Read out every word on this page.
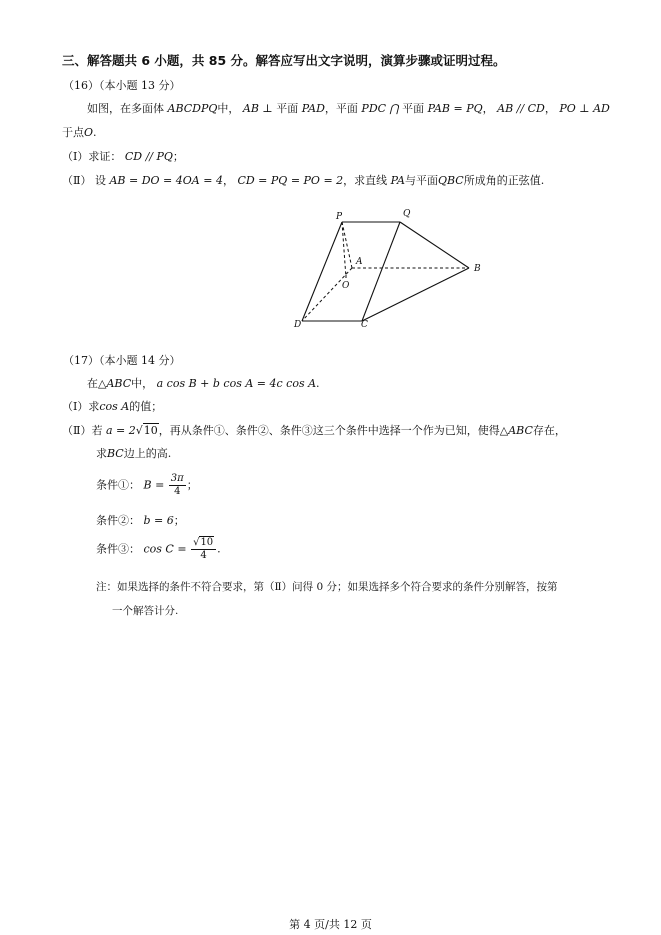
三、解答题共 6 小题，共 85 分。解答应写出文字说明，演算步骤或证明过程。
（16）（本小题 13 分）
如图，在多面体 ABCDPQ中， AB ⊥ 平面 PAD，平面 PDC ⋂ 平面 PAB = PQ， AB // CD， PO ⊥ AD
于点O.
（Ⅰ）求证： CD // PQ；
（Ⅱ） 设 AB = DO = 4OA = 4， CD = PQ = PO = 2，求直线 PA与平面QBC所成角的正弦值.
P	Q
A
O
B
D	C
（17）（本小题 14 分）
在△ABC中， a cos B + b cos A = 4c cos A.
（Ⅰ）求cos A的值；
（Ⅱ）若 a = 2√10，再从条件①、条件②、条件③这三个条件中选择一个作为已知，使得△ABC存在，
求BC边上的高.
条件①： $B = \frac{3\pi}{4}$ ；
条件②： b = 6；
条件③： $\cos C = \frac{√10}{4}$ .
注：如果选择的条件不符合要求，第（Ⅱ）问得 0 分；如果选择多个符合要求的条件分别解答，按第
一个解答计分.
第 4 页/共 12 页
